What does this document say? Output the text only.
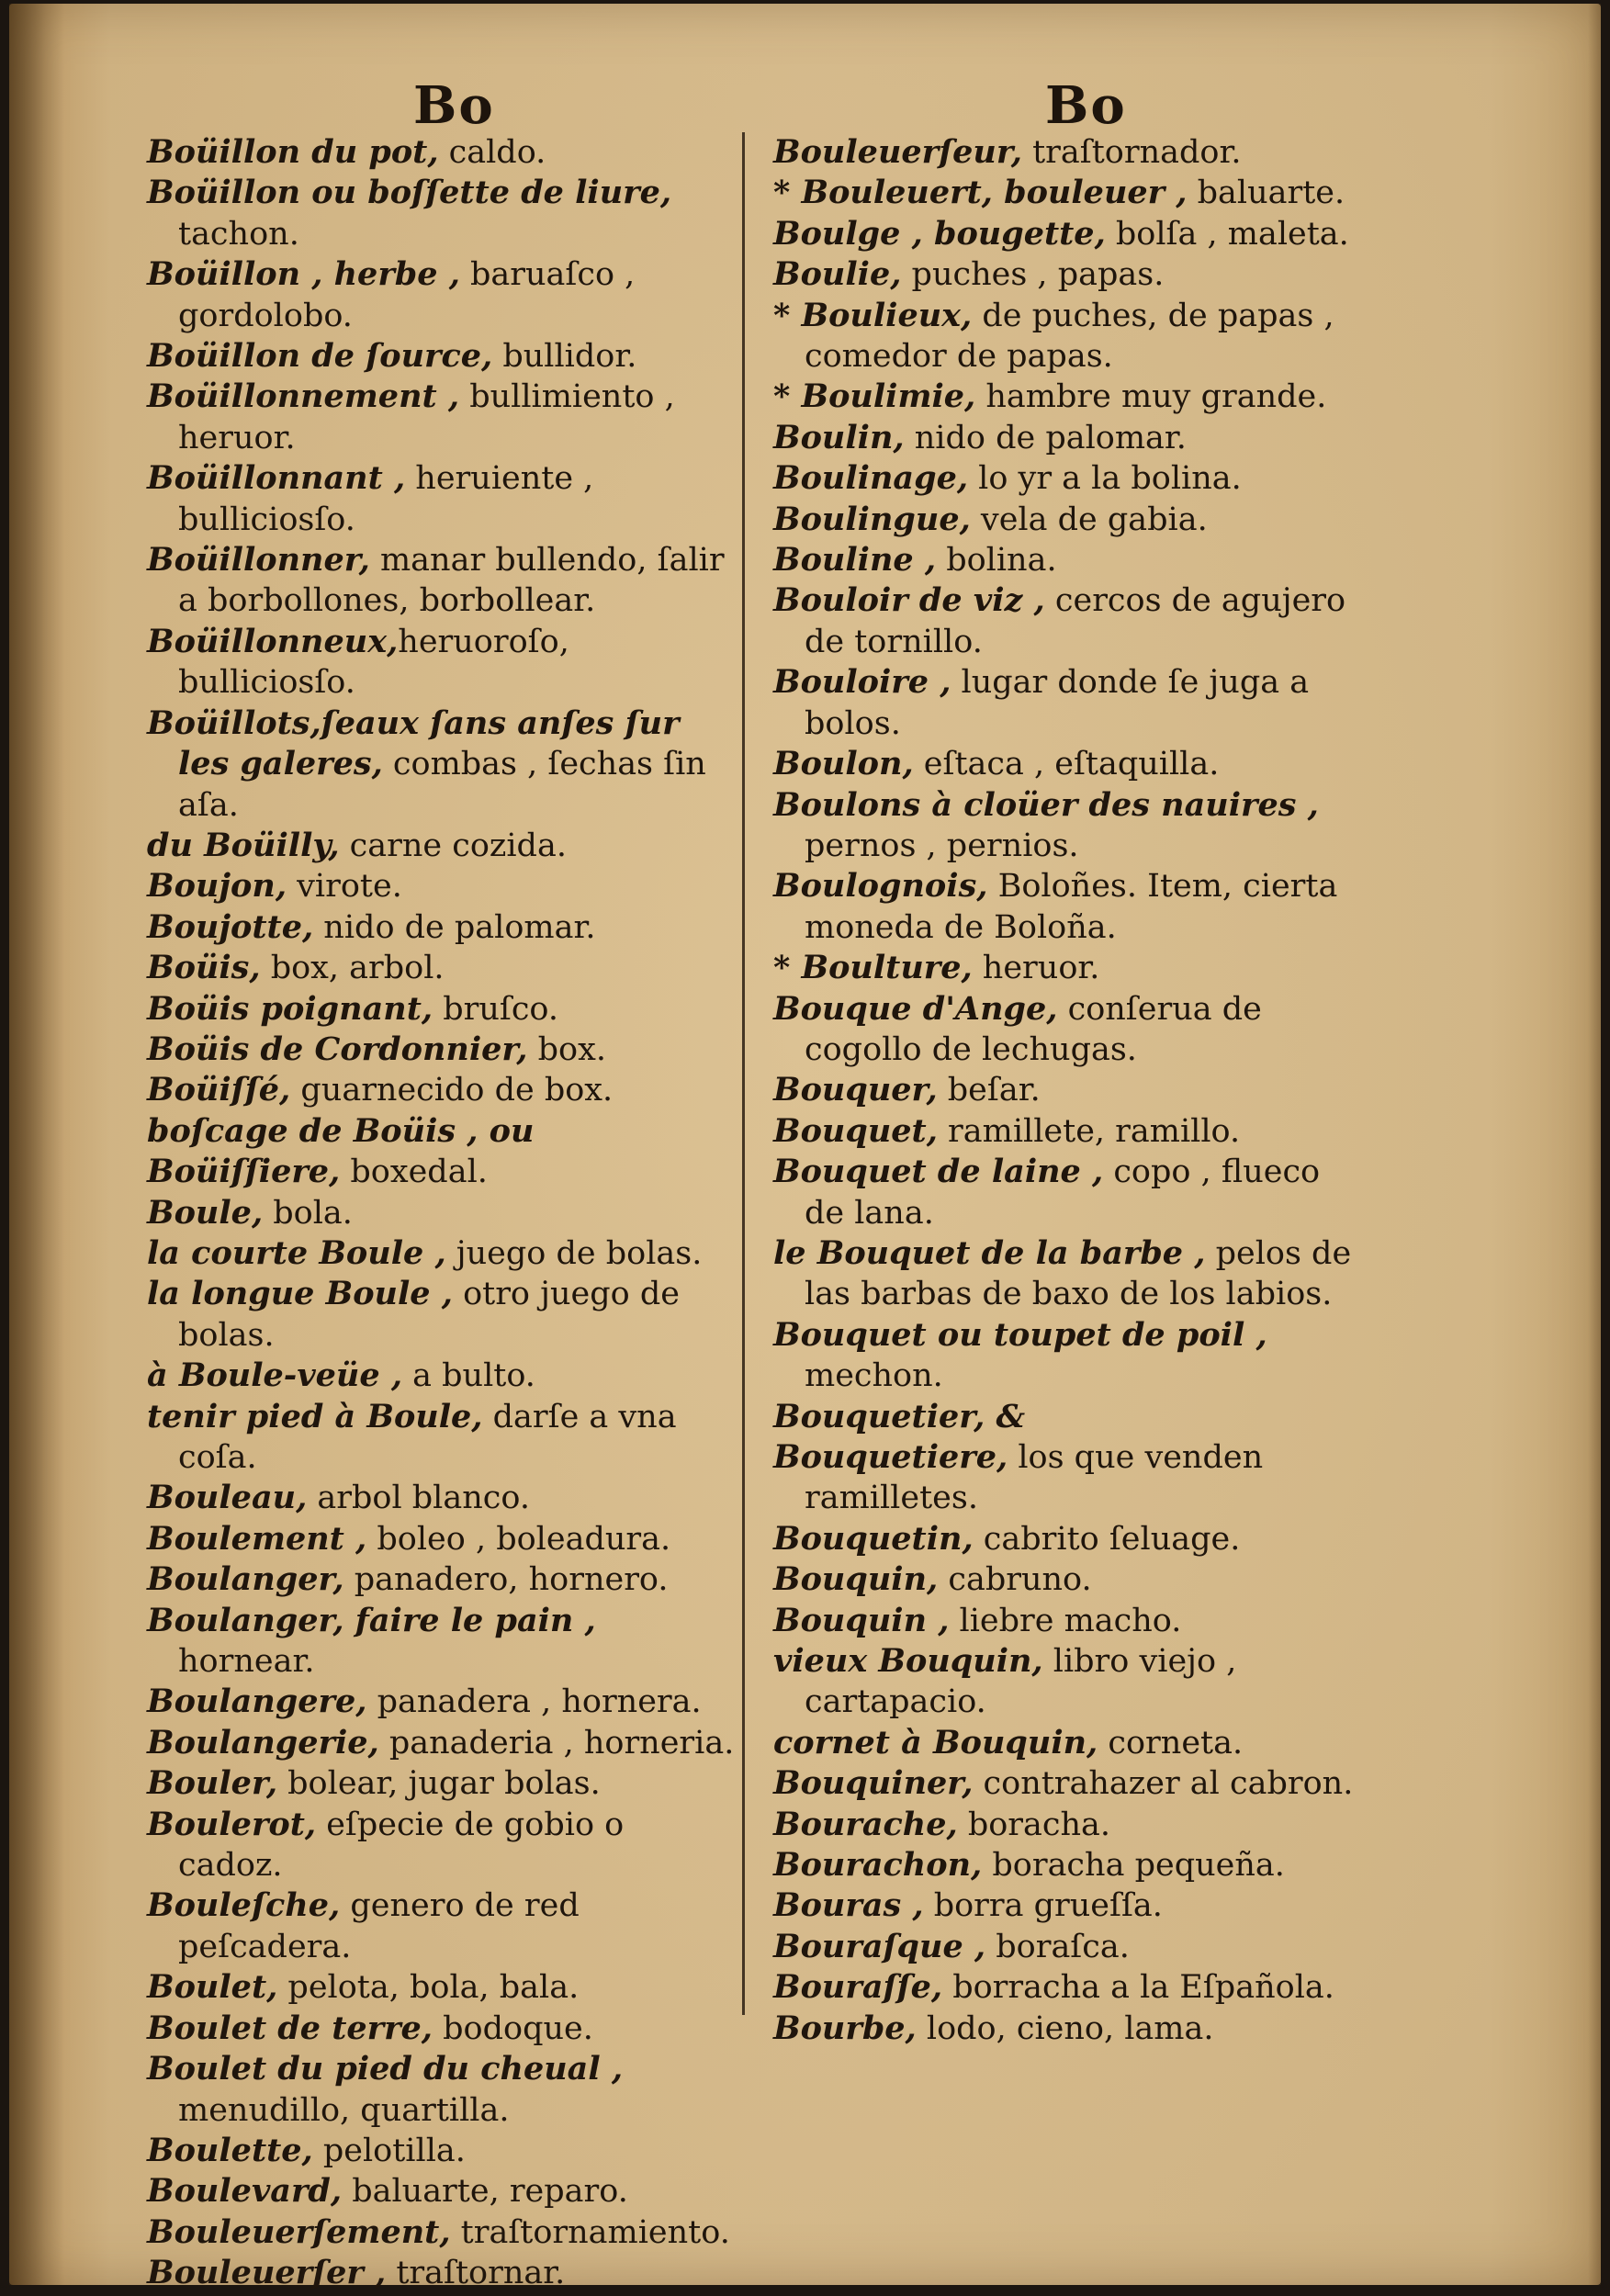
Bo	Bo
Boüillon du pot, caldo.
Boüillon ou boſſette de liure, tachon.
Boüillon , herbe , baruaſco , gordolobo.
Boüillon de ſource, bullidor.
Boüillonnement , bullimiento , heruor.
Boüillonnant , heruiente , bulliciosſo.
Boüillonner, manar bullendo, ſalir a borbollones, borbollear.
Boüillonneux,heruoroſo, bulliciosſo.
Boüillots,ſeaux ſans anſes ſur les galeres, combas , ſechas ſin aſa.
du Boüilly, carne cozida.
Boujon, virote.
Boujotte, nido de palomar.
Boüis, box, arbol.
Boüis poignant, bruſco.
Boüis de Cordonnier, box.
Boüiſſé, guarnecido de box.
boſcage de Boüis , ou
Boüiſſiere, boxedal.
Boule, bola.
la courte Boule , juego de bolas.
la longue Boule , otro juego de bolas.
à Boule-veüe , a bulto.
tenir pied à Boule, darſe a vna coſa.
Bouleau, arbol blanco.
Boulement , boleo , boleadura.
Boulanger, panadero, hornero.
Boulanger, faire le pain , hornear.
Boulangere, panadera , hornera.
Boulangerie, panaderia , horneria.
Bouler, bolear, jugar bolas.
Boulerot, eſpecie de gobio o cadoz.
Bouleſche, genero de red peſcadera.
Boulet, pelota, bola, bala.
Boulet de terre, bodoque.
Boulet du pied du cheual , menudillo, quartilla.
Boulette, pelotilla.
Boulevard, baluarte, reparo.
Bouleuerſement, traſtornamiento.
Bouleuerſer , traſtornar.
Bouleuerſeur, traſtornador.
* Bouleuert, bouleuer , baluarte.
Boulge , bougette, bolſa , maleta.
Boulie, puches , papas.
* Boulieux, de puches, de papas , comedor de papas.
* Boulimie, hambre muy grande.
Boulin, nido de palomar.
Boulinage, lo yr a la bolina.
Boulingue, vela de gabia.
Bouline , bolina.
Bouloir de viz , cercos de agujero de tornillo.
Bouloire , lugar donde ſe juga a bolos.
Boulon, eſtaca , eſtaquilla.
Boulons à cloüer des nauires , pernos , pernios.
Boulognois, Boloñes. Item, cierta moneda de Boloña.
* Boulture, heruor.
Bouque d'Ange, conſerua de cogollo de lechugas.
Bouquer, beſar.
Bouquet, ramillete, ramillo.
Bouquet de laine , copo , flueco de lana.
le Bouquet de la barbe , pelos de las barbas de baxo de los labios.
Bouquet ou toupet de poil , mechon.
Bouquetier, &
Bouquetiere, los que venden ramilletes.
Bouquetin, cabrito ſeluage.
Bouquin, cabruno.
Bouquin , liebre macho.
vieux Bouquin, libro viejo , cartapacio.
cornet à Bouquin, corneta.
Bouquiner, contrahazer al cabron.
Bourache, boracha.
Bourachon, boracha pequeña.
Bouras , borra grueſſa.
Bouraſque , boraſca.
Bouraſſe, borracha a la Eſpañola.
Bourbe, lodo, cieno, lama.
